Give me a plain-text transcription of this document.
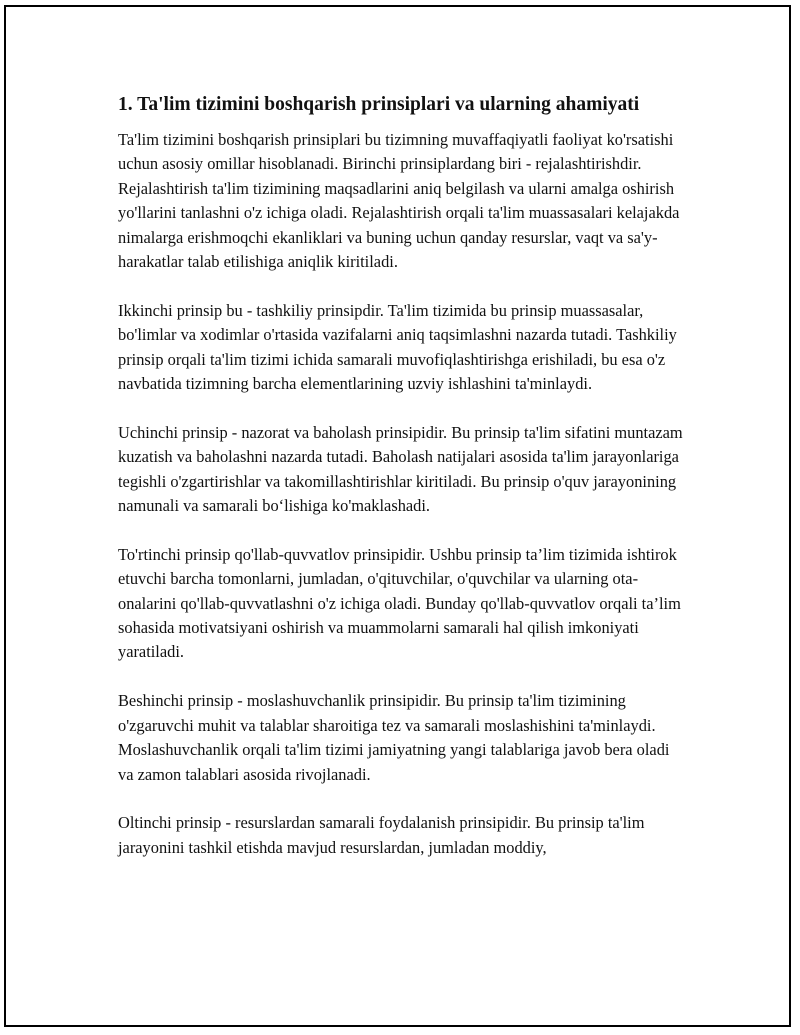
1. Ta'lim tizimini boshqarish prinsiplari va ularning ahamiyati

Ta'lim tizimini boshqarish prinsiplari bu tizimning muvaffaqiyatli faoliyat ko'rsatishi uchun asosiy omillar hisoblanadi. Birinchi prinsiplardang biri - rejalashtirishdir. Rejalashtirish ta'lim tizimining maqsadlarini aniq belgilash va ularni amalga oshirish yo'llarini tanlashni o'z ichiga oladi. Rejalashtirish orqali ta'lim muassasalari kelajakda nimalarga erishmoqchi ekanliklari va buning uchun qanday resurslar, vaqt va sa'y-harakatlar talab etilishiga aniqlik kiritiladi.

Ikkinchi prinsip bu - tashkiliy prinsipdir. Ta'lim tizimida bu prinsip muassasalar, bo'limlar va xodimlar o'rtasida vazifalarni aniq taqsimlashni nazarda tutadi. Tashkiliy prinsip orqali ta'lim tizimi ichida samarali muvofiqlashtirishga erishiladi, bu esa o'z navbatida tizimning barcha elementlarining uzviy ishlashini ta'minlaydi.

Uchinchi prinsip - nazorat va baholash prinsipidir. Bu prinsip ta'lim sifatini muntazam kuzatish va baholashni nazarda tutadi. Baholash natijalari asosida ta'lim jarayonlariga tegishli o'zgartirishlar va takomillashtirishlar kiritiladi. Bu prinsip o'quv jarayonining namunali va samarali bo‘lishiga ko'maklashadi.

To'rtinchi prinsip qo'llab-quvvatlov prinsipidir. Ushbu prinsip ta’lim tizimida ishtirok etuvchi barcha tomonlarni, jumladan, o'qituvchilar, o'quvchilar va ularning ota-onalarini qo'llab-quvvatlashni o'z ichiga oladi. Bunday qo'llab-quvvatlov orqali ta’lim sohasida motivatsiyani oshirish va muammolarni samarali hal qilish imkoniyati yaratiladi.

Beshinchi prinsip - moslashuvchanlik prinsipidir. Bu prinsip ta'lim tizimining o'zgaruvchi muhit va talablar sharoitiga tez va samarali moslashishini ta'minlaydi. Moslashuvchanlik orqali ta'lim tizimi jamiyatning yangi talablariga javob bera oladi va zamon talablari asosida rivojlanadi.

Oltinchi prinsip - resurslardan samarali foydalanish prinsipidir. Bu prinsip ta'lim jarayonini tashkil etishda mavjud resurslardan, jumladan moddiy,
